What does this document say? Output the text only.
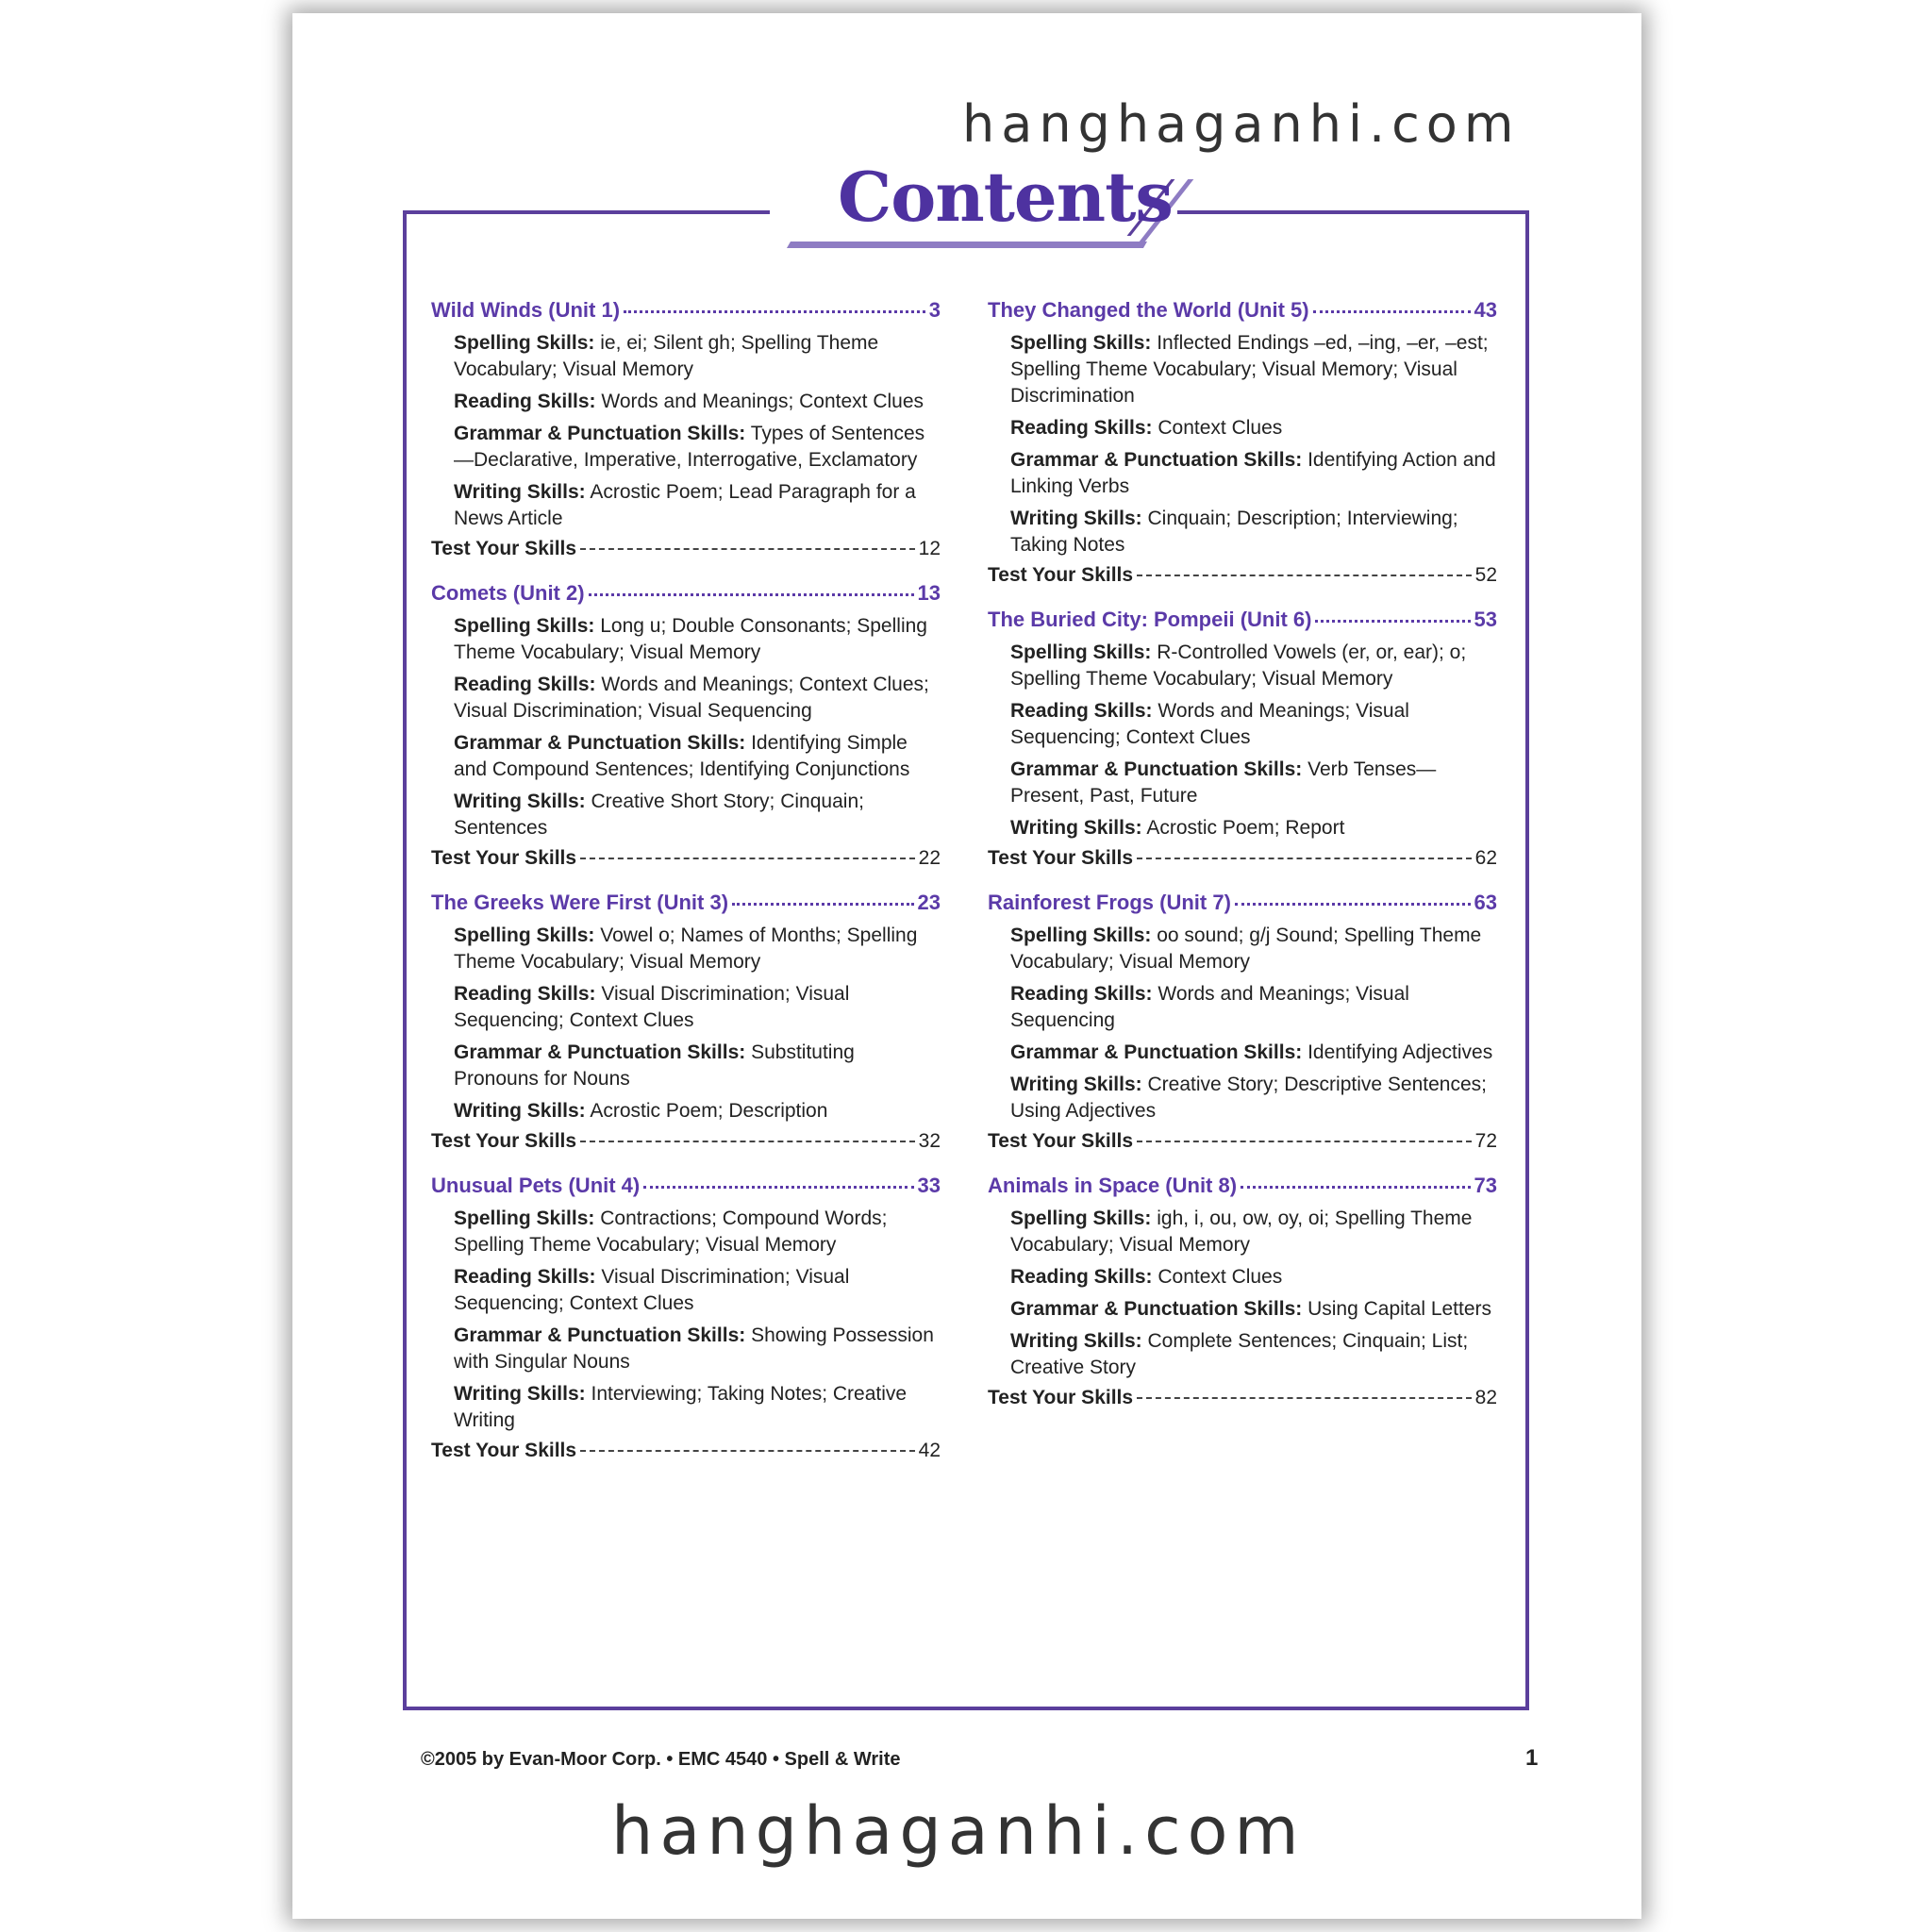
hanghaganhi.com
Contents
Wild Winds (Unit 1)	3
Spelling Skills: ie, ei; Silent gh; Spelling Theme Vocabulary; Visual Memory
Reading Skills: Words and Meanings; Context Clues
Grammar & Punctuation Skills: Types of Sentences—Declarative, Imperative, Interrogative, Exclamatory
Writing Skills: Acrostic Poem; Lead Paragraph for a News Article
Test Your Skills	12
Comets (Unit 2)	13
Spelling Skills: Long u; Double Consonants; Spelling Theme Vocabulary; Visual Memory
Reading Skills: Words and Meanings; Context Clues; Visual Discrimination; Visual Sequencing
Grammar & Punctuation Skills: Identifying Simple and Compound Sentences; Identifying Conjunctions
Writing Skills: Creative Short Story; Cinquain; Sentences
Test Your Skills	22
The Greeks Were First (Unit 3)	23
Spelling Skills: Vowel o; Names of Months; Spelling Theme Vocabulary; Visual Memory
Reading Skills: Visual Discrimination; Visual Sequencing; Context Clues
Grammar & Punctuation Skills: Substituting Pronouns for Nouns
Writing Skills: Acrostic Poem; Description
Test Your Skills	32
Unusual Pets (Unit 4)	33
Spelling Skills: Contractions; Compound Words; Spelling Theme Vocabulary; Visual Memory
Reading Skills: Visual Discrimination; Visual Sequencing; Context Clues
Grammar & Punctuation Skills: Showing Possession with Singular Nouns
Writing Skills: Interviewing; Taking Notes; Creative Writing
Test Your Skills	42
They Changed the World (Unit 5)	43
Spelling Skills: Inflected Endings –ed, –ing, –er, –est; Spelling Theme Vocabulary; Visual Memory; Visual Discrimination
Reading Skills: Context Clues
Grammar & Punctuation Skills: Identifying Action and Linking Verbs
Writing Skills: Cinquain; Description; Interviewing; Taking Notes
Test Your Skills	52
The Buried City: Pompeii (Unit 6)	53
Spelling Skills: R-Controlled Vowels (er, or, ear); o; Spelling Theme Vocabulary; Visual Memory
Reading Skills: Words and Meanings; Visual Sequencing; Context Clues
Grammar & Punctuation Skills: Verb Tenses—Present, Past, Future
Writing Skills: Acrostic Poem; Report
Test Your Skills	62
Rainforest Frogs (Unit 7)	63
Spelling Skills: oo sound; g/j Sound; Spelling Theme Vocabulary; Visual Memory
Reading Skills: Words and Meanings; Visual Sequencing
Grammar & Punctuation Skills: Identifying Adjectives
Writing Skills: Creative Story; Descriptive Sentences; Using Adjectives
Test Your Skills	72
Animals in Space (Unit 8)	73
Spelling Skills: igh, i, ou, ow, oy, oi; Spelling Theme Vocabulary; Visual Memory
Reading Skills: Context Clues
Grammar & Punctuation Skills: Using Capital Letters
Writing Skills: Complete Sentences; Cinquain; List; Creative Story
Test Your Skills	82
©2005 by Evan-Moor Corp. • EMC 4540 • Spell & Write	1
hanghaganhi.com
